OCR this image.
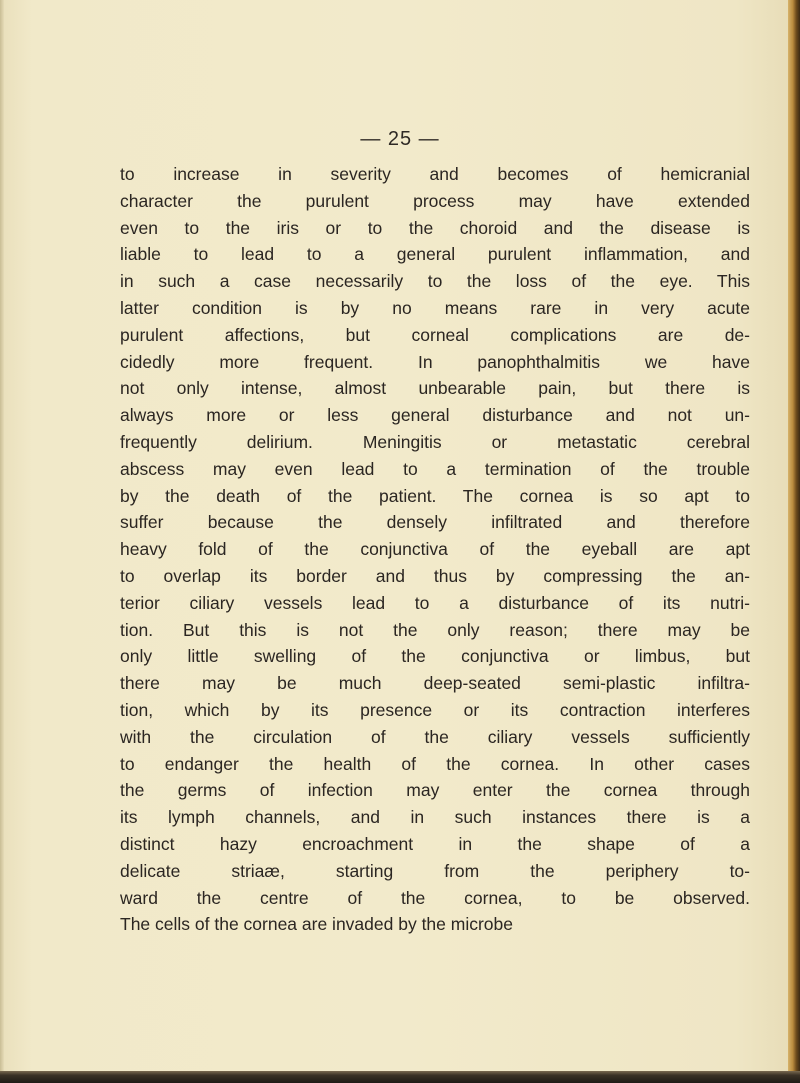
— 25 —
to increase in severity and becomes of hemicranial
character the purulent process may have extended
even to the iris or to the choroid and the disease is
liable to lead to a general purulent inflammation, and
in such a case necessarily to the loss of the eye. This
latter condition is by no means rare in very acute
purulent affections, but corneal complications are de-
cidedly more frequent. In panophthalmitis we have
not only intense, almost unbearable pain, but there is
always more or less general disturbance and not un-
frequently delirium. Meningitis or metastatic cerebral
abscess may even lead to a termination of the trouble
by the death of the patient. The cornea is so apt to
suffer because the densely infiltrated and therefore
heavy fold of the conjunctiva of the eyeball are apt
to overlap its border and thus by compressing the an-
terior ciliary vessels lead to a disturbance of its nutri-
tion. But this is not the only reason; there may be
only little swelling of the conjunctiva or limbus, but
there may be much deep-seated semi-plastic infiltra-
tion, which by its presence or its contraction interferes
with the circulation of the ciliary vessels sufficiently
to endanger the health of the cornea. In other cases
the germs of infection may enter the cornea through
its lymph channels, and in such instances there is a
distinct hazy encroachment in the shape of a
delicate striaæ, starting from the periphery to-
ward the centre of the cornea, to be observed.
The cells of the cornea are invaded by the microbe
